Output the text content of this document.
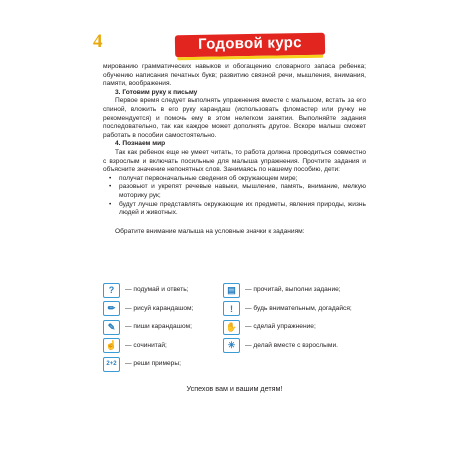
4	Годовой курс

мированию грамматических навыков и обогащению словарного запаса ребенка; обучению написания печатных букв; развитию связной речи, мышления, внимания, памяти, воображения.

3. Готовим руку к письму

Первое время следует выполнять упражнения вместе с малышом, встать за его спиной, вложить в его руку карандаш (использовать фломастер или ручку не рекомендуется) и помочь ему в этом нелегком занятии. Выполняйте задания последовательно, так как каждое может дополнять другое. Вскоре малыш сможет работать в пособии самостоятельно.

4. Познаем мир

Так как ребенок еще не умеет читать, то работа должна проводиться совместно с взрослым и включать посильные для малыша упражнения. Прочтите задания и объясните значение непонятных слов. Занимаясь по нашему пособию, дети:

• получат первоначальные сведения об окружающем мире;
• разовьют и укрепят речевые навыки, мышление, память, внимание, мелкую моторику рук;
• будут лучше представлять окружающие их предметы, явления природы, жизнь людей и животных.

Обратите внимание малыша на условные значки к заданиям:

?	— подумай и ответь;	▤	— прочитай, выполни задание;
✏	— рисуй карандашом;	!	— будь внимательным, догадайся;
✎	— пиши карандашом;	✋	— сделай упражнение;
☝	— сочинитай;	✳	— делай вместе с взрослыми.
2+2	— реши примеры;
Успехов вам и вашим детям!
